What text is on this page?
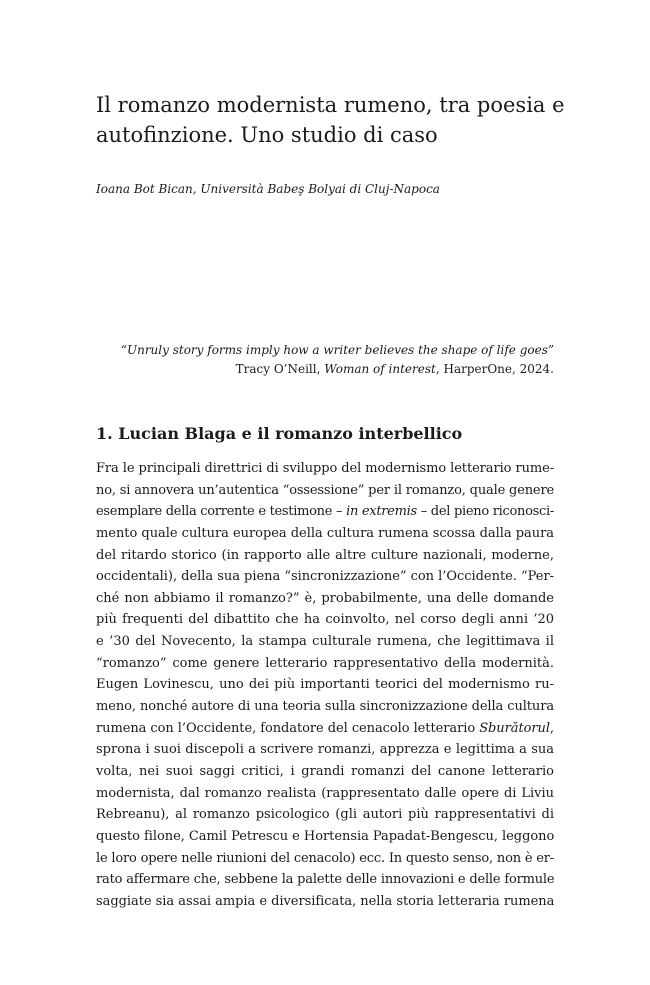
Il romanzo modernista rumeno, tra poesia e
autofinzione. Uno studio di caso

Ioana Bot Bican, Università Babeş Bolyai di Cluj-Napoca

“Unruly story forms imply how a writer believes the shape of life goes”
Tracy O’Neill, Woman of interest, HarperOne, 2024.
1. Lucian Blaga e il romanzo interbellico
Fra le principali direttrici di sviluppo del modernismo letterario rume-
no, si annovera un’autentica “ossessione” per il romanzo, quale genere
esemplare della corrente e testimone – in extremis – del pieno riconosci-
mento quale cultura europea della cultura rumena scossa dalla paura
del ritardo storico (in rapporto alle altre culture nazionali, moderne,
occidentali), della sua piena “sincronizzazione” con l’Occidente. “Per-
ché non abbiamo il romanzo?” è, probabilmente, una delle domande
più frequenti del dibattito che ha coinvolto, nel corso degli anni ’20
e ’30 del Novecento, la stampa culturale rumena, che legittimava il
“romanzo” come genere letterario rappresentativo della modernità.
Eugen Lovinescu, uno dei più importanti teorici del modernismo ru-
meno, nonché autore di una teoria sulla sincronizzazione della cultura
rumena con l’Occidente, fondatore del cenacolo letterario Sburătorul,
sprona i suoi discepoli a scrivere romanzi, apprezza e legittima a sua
volta, nei suoi saggi critici, i grandi romanzi del canone letterario
modernista, dal romanzo realista (rappresentato dalle opere di Liviu
Rebreanu), al romanzo psicologico (gli autori più rappresentativi di
questo filone, Camil Petrescu e Hortensia Papadat-Bengescu, leggono
le loro opere nelle riunioni del cenacolo) ecc. In questo senso, non è er-
rato affermare che, sebbene la palette delle innovazioni e delle formule
saggiate sia assai ampia e diversificata, nella storia letteraria rumena
